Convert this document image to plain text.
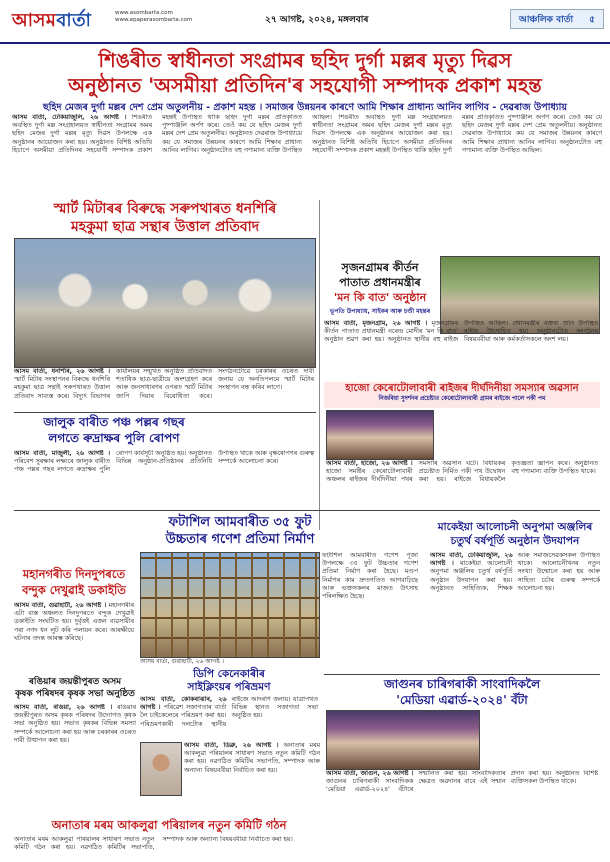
আসমবাৰ্তা	www.asombarta.com
www.epaperasombarta.com	২৭ আগষ্ট, ২০২৪, মঙ্গলবাৰ	আঞ্চলিক বাৰ্তা ৫
শিঙৰীত স্বাধীনতা সংগ্ৰামৰ ছহিদ দুৰ্গা মল্লৰ মৃত্যু দিৱস
অনুষ্ঠানত 'অসমীয়া প্ৰতিদিন'ৰ সহযোগী সম্পাদক প্ৰকাশ মহন্ত
ছহিদ মেজৰ দুৰ্গা মল্লৰ দেশ প্ৰেম অতুলনীয় - প্ৰকাশ মহন্ত । সমাজৰ উন্নয়নৰ কাৰণে আমি শিক্ষাৰ প্ৰাধান্য আনিব লাগিব - দেৱৰাজ উপাধ্যায়
আসম বাৰ্তা, ঢেকিয়াজুলি, ২৬ আগষ্ট । শিঙৰীত অবস্থিত দুৰ্গা মল্ল সংগ্ৰহালয়ত স্বাধীনতা সংগ্ৰামৰ অমৰ ছহিদ মেজৰ দুৰ্গা মল্লৰ মৃত্যু দিৱস উপলক্ষে এক অনুষ্ঠানৰ আয়োজন কৰা হয়। অনুষ্ঠানত বিশিষ্ট অতিথি হিচাপে অসমীয়া প্ৰতিদিনৰ সহযোগী সম্পাদক প্ৰকাশ মহন্তই উপস্থিত থাকি ছহিদ দুৰ্গা মল্লৰ প্ৰতিকৃতিত পুষ্পাঞ্জলি অৰ্পণ কৰে। তেওঁ কয় যে ছহিদ মেজৰ দুৰ্গা মল্লৰ দেশ প্ৰেম অতুলনীয়। অনুষ্ঠানত দেৱৰাজ উপাধ্যায়ে কয় যে সমাজৰ উন্নয়নৰ কাৰণে আমি শিক্ষাৰ প্ৰাধান্য আনিব লাগিব। অনুষ্ঠানটোত বহু গণ্যমান্য ব্যক্তি উপস্থিত আছিল। শিঙৰীত অবস্থিত দুৰ্গা মল্ল সংগ্ৰহালয়ত স্বাধীনতা সংগ্ৰামৰ অমৰ ছহিদ মেজৰ দুৰ্গা মল্লৰ মৃত্যু দিৱস উপলক্ষে এক অনুষ্ঠানৰ আয়োজন কৰা হয়। অনুষ্ঠানত বিশিষ্ট অতিথি হিচাপে অসমীয়া প্ৰতিদিনৰ সহযোগী সম্পাদক প্ৰকাশ মহন্তই উপস্থিত থাকি ছহিদ দুৰ্গা মল্লৰ প্ৰতিকৃতিত পুষ্পাঞ্জলি অৰ্পণ কৰে। তেওঁ কয় যে ছহিদ মেজৰ দুৰ্গা মল্লৰ দেশ প্ৰেম অতুলনীয়। অনুষ্ঠানত দেৱৰাজ উপাধ্যায়ে কয় যে সমাজৰ উন্নয়নৰ কাৰণে আমি শিক্ষাৰ প্ৰাধান্য আনিব লাগিব। অনুষ্ঠানটোত বহু গণ্যমান্য ব্যক্তি উপস্থিত আছিল।
স্মাৰ্ট মিটাৰৰ বিৰুদ্ধে সৰুপথাৰত ধনশিৰি
মহকুমা ছাত্ৰ সন্থাৰ উত্তাল প্ৰতিবাদ
আসম বাৰ্তা, ধনশিৰি, ২৬ আগষ্ট । স্মাৰ্ট মিটাৰ সংস্থাপনৰ বিৰুদ্ধে ধনশিৰি মহকুমা ছাত্ৰ সন্থাই সৰুপথাৰত উত্তাল প্ৰতিবাদ সাব্যস্ত কৰে। বিদ্যুৎ বিভাগৰ কাৰ্যালয়ৰ সন্মুখত অনুষ্ঠিত প্ৰতিবাদত শতাধিক ছাত্ৰ-ছাত্ৰীয়ে অংশগ্ৰহণ কৰে আৰু জনসাধাৰণৰ ওপৰত স্মাৰ্ট মিটাৰ জাপি দিয়াৰ বিৰোধিতা কৰে। সংগঠনটোৱে চৰকাৰৰ ওচৰত দাবী জনায় যে অনতিপলমে স্মাৰ্ট মিটাৰ সংস্থাপন বন্ধ কৰিব লাগে।
সৃজনগ্ৰামৰ কীৰ্তন
পাতাত প্ৰধানমন্ত্ৰীৰ
'মন কি বাত' অনুষ্ঠান
ভূপতি উপাধ্যায়, সাইকৰ আৰু চণ্ডী মহন্তৰ
আসম বাৰ্তা, মৃজনগ্ৰাম, ২৬ আগষ্ট । মৃজনগ্ৰামৰ কীৰ্তন পাতাত প্ৰধানমন্ত্ৰী নৰেন্দ্ৰ মোদীৰ 'মন কি বাত' অনুষ্ঠান শ্ৰৱণ কৰা হয়। অনুষ্ঠানত স্থানীয় বহু ৰাইজ উপস্থিত আছিল। প্ৰধানমন্ত্ৰীৰ বক্তব্য শুনি উপস্থিত ৰাইজ উৎসাহিত হয়। অনুষ্ঠানটোত সংগঠনৰ বিষয়ববীয়া আৰু কৰ্মকৰ্তাসকলে অংশ লয়।
হাজো কেৰোটোলাবাৰী ৰাইজৰ দীৰ্ঘদিনীয়া সমস্যাৰ অৱসান
নিজৰিয়া সুদৰ্শনৰ প্ৰচেষ্টাত কেৰোটোলাবাৰী গ্ৰামৰ ৰাইজে পালে পকী পথ
আসম বাৰ্তা, হাজো, ২৬ আগষ্ট । হাজো সমষ্টিৰ কেৰোটোলাবাৰী অঞ্চলৰ ৰাইজৰ দীৰ্ঘদিনীয়া পথৰ সমস্যাৰ অৱসান ঘটে। বিধায়কৰ প্ৰচেষ্টাত নিৰ্মিত পকী পথ উদ্বোধন কৰা হয়। ৰাইজে বিধায়কলৈ কৃতজ্ঞতা জ্ঞাপন কৰে। অনুষ্ঠানত বহু গণ্যমান্য ব্যক্তি উপস্থিত থাকে।
জালুক বাৰীত পঞ্চ পল্লৰ গছৰ
লগতে ৰুদ্ৰাক্ষৰ পুলি ৰোপণ
আসম বাৰ্তা, মাজুলী, ২৬ আগষ্ট । পৰিবেশ সুৰক্ষাৰ লক্ষ্যৰে জালুক বাৰীত পঞ্চ পল্লৰ গছৰ লগতে ৰুদ্ৰাক্ষৰ পুলি ৰোপণ কাৰ্যসূচী অনুষ্ঠিত হয়। অনুষ্ঠানত বিভিন্ন অনুষ্ঠান-প্ৰতিষ্ঠানৰ প্ৰতিনিধি উপস্থিত থাকে আৰু বৃক্ষৰোপণৰ গুৰুত্ব সম্পৰ্কে আলোচনা কৰে।
ফটাশিল আমবাৰীত ৩৫ ফুট
উচ্চতাৰ গণেশ প্ৰতিমা নিৰ্মাণ
আসম বাৰ্তা, গুৱাহাটী, ২৬ আগষ্ট ।
ফটাশিল আমবাৰীত গণেশ পূজা উপলক্ষে ৩৫ ফুট উচ্চতাৰ গণেশ প্ৰতিমা নিৰ্মাণ কৰা হৈছে। মণ্ডপ নিৰ্মাণৰ কাম দ্ৰুতগতিত আগবাঢ়িছে আৰু ভক্তসকলৰ মাজত উৎসাহ পৰিলক্ষিত হৈছে।
মাকেইয়া আলোচনী অনুপমা অঞ্জলিৰ
চতুৰ্থ বৰ্ষপূৰ্তি অনুষ্ঠান উদযাপন
আসম বাৰ্তা, ঢেকিয়াজুলি, ২৬ আগষ্ট । মাকেইয়া আলোচনী অনুপমা অঞ্জলিৰ চতুৰ্থ বৰ্ষপূৰ্তি অনুষ্ঠান উদযাপন কৰা হয়। অনুষ্ঠানত সাহিত্যিক, শিক্ষক আৰু সমাজসেৱকসকল উপস্থিত থাকে। আলোচনীখনৰ নতুন সংখ্যা উন্মোচন কৰা হয় আৰু সাহিত্য চৰ্চাৰ গুৰুত্ব সম্পৰ্কে আলোচনা হয়।
মহানগৰীত দিনদুপৰতে
বন্দুক দেখুৱাই ডকাইতি
আসম বাৰ্তা, গুৱাহাটী, ২৬ আগষ্ট । মহানগৰীৰ এটা ব্যস্ত অঞ্চলত দিনদুপৰতে বন্দুক দেখুৱাই ডকাইতি সংঘটিত হয়। দুৰ্বৃত্তই এজন ব্যৱসায়ীৰ পৰা নগদ ধন লুট কৰি পলায়ন কৰে। আৰক্ষীয়ে ঘটনাৰ তদন্ত আৰম্ভ কৰিছে।
ডিপি কেনেকাৰীৰ
সাইক্লিংয়ৰ পৰিভ্ৰমণ
আসম বাৰ্তা, কোকৰাঝাৰ, ২৬ আগষ্ট । পৰিৱেশ সজাগতাৰ বাৰ্তা লৈ চাইকেলেৰে পৰিভ্ৰমণ কৰা হয়। পৰিভ্ৰমণকাৰী দলটোক স্থানীয় ৰাইজে আদৰণি জনায়। যাত্ৰাপথত বিভিন্ন স্থানত সজাগতা সভা অনুষ্ঠিত হয়।
জাগুনৰ চাৰিগৰাকী সাংবাদিকলৈ
'মেডিয়া এৱাৰ্ড-২০২৪' বঁটা
আসম বাৰ্তা, জাগুন, ২৬ আগষ্ট । জাগুনৰ চাৰিগৰাকী সাংবাদিকক 'মেডিয়া এৱাৰ্ড-২০২৪' বঁটাৰে সন্মানিত কৰা হয়। সাংবাদিকতাৰ ক্ষেত্ৰত অৱদানৰ বাবে এই সন্মান প্ৰদান কৰা হয়। অনুষ্ঠানত বিশিষ্ট ব্যক্তিসকল উপস্থিত থাকে।
ৰঙিয়াৰ জয়ন্তীপুৰত অসম
কৃষক পৰিষদৰ কৃষক সভা অনুষ্ঠিত
আসম বাৰ্তা, ৰঙিয়া, ২৬ আগষ্ট । ৰঙিয়াৰ জয়ন্তীপুৰত অসম কৃষক পৰিষদৰ উদ্যোগত কৃষক সভা অনুষ্ঠিত হয়। সভাত কৃষকৰ বিভিন্ন সমস্যা সম্পৰ্কে আলোচনা কৰা হয় আৰু চৰকাৰৰ ওচৰত দাবী উত্থাপন কৰা হয়।
অনাতাৰ মৰম আকলুৱা পৰিয়ালৰ নতুন কমিটি গঠন
আসম বাৰ্তা, ডিব্ৰু, ২৬ আগষ্ট । অনাতাৰ মৰম আকলুৱা পৰিয়ালৰ সাধাৰণ সভাত নতুন কমিটি গঠন কৰা হয়। নৱগঠিত কমিটিৰ সভাপতি, সম্পাদক আৰু অন্যান্য বিষয়ববীয়া নিৰ্বাচিত কৰা হয়।
অনাতাৰ মৰম আকলুৱা পৰিয়ালৰ সাধাৰণ সভাত নতুন কমিটি গঠন কৰা হয়। নৱগঠিত কমিটিৰ সভাপতি, সম্পাদক আৰু অন্যান্য বিষয়ববীয়া নিৰ্বাচিত কৰা হয়।
